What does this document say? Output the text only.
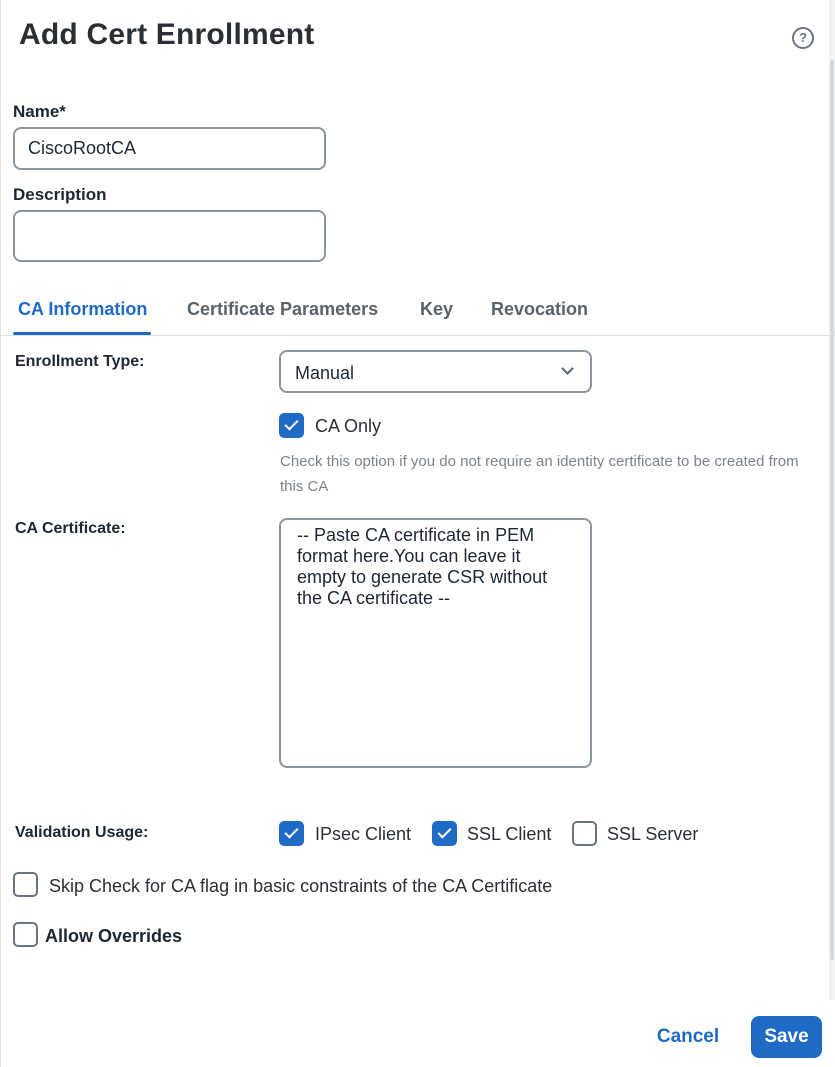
Add Cert Enrollment	?
Name*
CiscoRootCA
Description
CA Information Certificate Parameters Key Revocation
Enrollment Type:
Manual
CA Only
Check this option if you do not require an identity certificate to be created from this CA
CA Certificate:
-- Paste CA certificate in PEM format here.You can leave it empty to generate CSR without the CA certificate --
Validation Usage:	IPsec Client	SSL Client	SSL Server
Skip Check for CA flag in basic constraints of the CA Certificate
Allow Overrides
Cancel	Save
